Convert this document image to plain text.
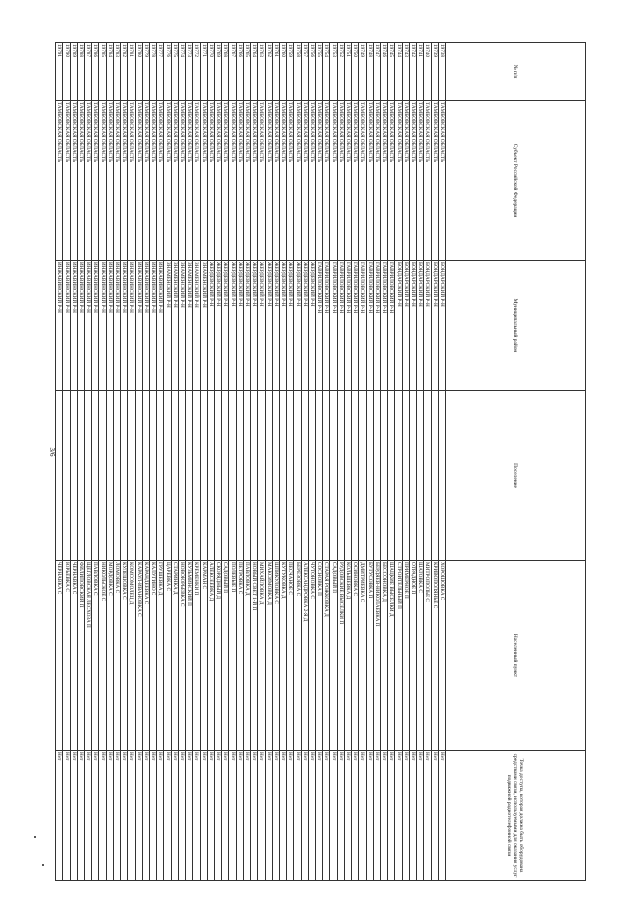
3/6
№ п/п	Субъект Российской Федерации	Муниципальный район	Поселение	Населенный пункт	Точка доступа, которая должна быть оборудована средствами связи, используемыми для оказания услуг подвижной радиотелефонной связи
19738	ТАМБОВСКАЯ ОБЛАСТЬ	БОНДАРСКИЙ Р-Н		ХОРОШОВКА С	Нет
19739	ТАМБОВСКАЯ ОБЛАСТЬ	БОНДАРСКИЙ Р-Н		КРИВОПОЛЯНЬЕ С	Нет
19740	ТАМБОВСКАЯ ОБЛАСТЬ	БОНДАРСКИЙ Р-Н		МИТРОПОЛЬЕ С	Нет
19741	ТАМБОВСКАЯ ОБЛАСТЬ	БОНДАРСКИЙ Р-Н		ШАТОВКА С	Нет
19742	ТАМБОВСКАЯ ОБЛАСТЬ	БОНДАРСКИЙ Р-Н		ОТРАДНОЕ П	Нет
19743	ТАМБОВСКАЯ ОБЛАСТЬ	БОНДАРСКИЙ Р-Н		ПРИМЕРНОЕ П	Нет
19744	ТАМБОВСКАЯ ОБЛАСТЬ	БОНДАРСКИЙ Р-Н		СТРОИТЕЛЬНЫЙ П	Нет
19745	ТАМБОВСКАЯ ОБЛАСТЬ	ГАВРИЛОВСКИЙ Р-Н		ШАЦКИЕ ВЫСЕЛКИ Д	Нет
19746	ТАМБОВСКАЯ ОБЛАСТЬ	ГАВРИЛОВСКИЙ Р-Н		БЕССОНОВКА Д	Нет
19747	ТАМБОВСКАЯ ОБЛАСТЬ	ГАВРИЛОВСКИЙ Р-Н		БЕРДЯЕВ-НИКОЛАЕВКА П	Нет
19748	ТАМБОВСКАЯ ОБЛАСТЬ	ГАВРИЛОВСКИЙ Р-Н		БУТУСОВКА П	Нет
19749	ТАМБОВСКАЯ ОБЛАСТЬ	ГАВРИЛОВСКИЙ Р-Н		ДМИТРИЕВКА С	Нет
19750	ТАМБОВСКАЯ ОБЛАСТЬ	ГАВРИЛОВСКИЙ Р-Н		ОСИНОВКА С	Нет
19751	ТАМБОВСКАЯ ОБЛАСТЬ	ГАВРИЛОВСКИЙ Р-Н		КОЛЬШЕВКА Д	Нет
19752	ТАМБОВСКАЯ ОБЛАСТЬ	ГАВРИЛОВСКИЙ Р-Н		РУДОВСКИЕ ВЫСЕЛКИ П	Нет
19753	ТАМБОВСКАЯ ОБЛАСТЬ	ГАВРИЛОВСКИЙ Р-Н		САДОВЫЙ П	Нет
19754	ТАМБОВСКАЯ ОБЛАСТЬ	ГАВРИЛОВСКИЙ Р-Н		СТАРАЯ РОЖКОВКА Д	Нет
19755	ТАМБОВСКАЯ ОБЛАСТЬ	ГАВРИЛОВСКИЙ Р-Н		СОСНОВКА П	Нет
19756	ТАМБОВСКАЯ ОБЛАСТЬ	ЖЕРДЕВСКИЙ Р-Н		ЧУТОНОВКА С	Нет
19757	ТАМБОВСКАЯ ОБЛАСТЬ	ЖЕРДЕВСКИЙ Р-Н		АЛЕКСАНДРОВКА 2-Я Д	Нет
19758	ТАМБОВСКАЯ ОБЛАСТЬ	ЖЕРДЕВСКИЙ Р-Н		БЕРЕЗОВКА С	Нет
19759	ТАМБОВСКАЯ ОБЛАСТЬ	ЖЕРДЕВСКИЙ Р-Н		ПЕСЧАНОЕ С	Нет
19760	ТАМБОВСКАЯ ОБЛАСТЬ	ЖЕРДЕВСКИЙ Р-Н		КУТУКОВКА Д	Нет
19761	ТАМБОВСКАЯ ОБЛАСТЬ	ЖЕРДЕВСКИЙ Р-Н		ШПИКУЛОВКА С	Нет
19762	ТАМБОВСКАЯ ОБЛАСТЬ	ЖЕРДЕВСКИЙ Р-Н		МАКСИМОВКА Д	Нет
19763	ТАМБОВСКАЯ ОБЛАСТЬ	ЖЕРДЕВСКИЙ Р-Н		МИХАЙЛОВКА Д	Нет
19764	ТАМБОВСКАЯ ОБЛАСТЬ	ЖЕРДЕВСКИЙ Р-Н		НОВЫЙ СВЕТ 1-Й П	Нет
19765	ТАМБОВСКАЯ ОБЛАСТЬ	ЖЕРДЕВСКИЙ Р-Н		ПАВЛОВКА Д	Нет
19766	ТАМБОВСКАЯ ОБЛАСТЬ	ЖЕРДЕВСКИЙ Р-Н		ПЕТРОВКА С	Нет
19767	ТАМБОВСКАЯ ОБЛАСТЬ	ЖЕРДЕВСКИЙ Р-Н		ПОЛЕВЫЕ П	Нет
19768	ТАМБОВСКАЯ ОБЛАСТЬ	ЖЕРДЕВСКИЙ Р-Н		САДОВЫЙ П	Нет
19769	ТАМБОВСКАЯ ОБЛАСТЬ	ЖЕРДЕВСКИЙ Р-Н		СКОРЯДНЫЙ Д	Нет
19770	ТАМБОВСКАЯ ОБЛАСТЬ	ЖЕРДЕВСКИЙ Р-Н		АЛЕКСЕЕВКА Д	Нет
19771	ТАМБОВСКАЯ ОБЛАСТЬ	ЗНАМЕНСКИЙ Р-Н		КАРМАН С	Нет
19772	ТАМБОВСКАЯ ОБЛАСТЬ	ЗНАМЕНСКИЙ Р-Н		КРЕМЕНКИ П	Нет
19773	ТАМБОВСКАЯ ОБЛАСТЬ	ЗНАМЕНСКИЙ Р-Н		КУЗЬМИНСКИЙ П	Нет
19774	ТАМБОВСКАЯ ОБЛАСТЬ	ЗНАМЕНСКИЙ Р-Н		НОВОЮРЬЕВКА С	Нет
19775	ТАМБОВСКАЯ ОБЛАСТЬ	ЗНАМЕНСКИЙ Р-Н		СТАРИНКА Д	Нет
19776	ТАМБОВСКАЯ ОБЛАСТЬ	ЗНАМЕНСКИЙ Р-Н		ЦАРЕВКА С	Нет
19777	ТАМБОВСКАЯ ОБЛАСТЬ	ИНЖАВИНСКИЙ Р-Н		ГРУШЕВКА Д	Нет
19778	ТАМБОВСКАЯ ОБЛАСТЬ	ИНЖАВИНСКИЙ Р-Н		КАЛУГИНО С	Нет
19779	ТАМБОВСКАЯ ОБЛАСТЬ	ИНЖАВИНСКИЙ Р-Н		КАРАНДЕЕВКА С	Нет
19780	ТАМБОВСКАЯ ОБЛАСТЬ	ИНЖАВИНСКИЙ Р-Н		КАРАУЛ-ИВАНОВКА С	Нет
19781	ТАМБОВСКАЯ ОБЛАСТЬ	ИНЖАВИНСКИЙ Р-Н		КОМСОМОЛЕЦ Д	Нет
19782	ТАМБОВСКАЯ ОБЛАСТЬ	ИНЖАВИНСКИЙ Р-Н		КУЛЕШОВКА С	Нет
19783	ТАМБОВСКАЯ ОБЛАСТЬ	ИНЖАВИНСКИЙ Р-Н		ЛОМОВКА С	Нет
19784	ТАМБОВСКАЯ ОБЛАСТЬ	ИНЖАВИНСКИЙ Р-Н		МОРДОВКА С	Нет
19785	ТАМБОВСКАЯ ОБЛАСТЬ	ИНЖАВИНСКИЙ Р-Н		НИКОЛЬСКОЕ С	Нет
19786	ТАМБОВСКАЯ ОБЛАСТЬ	ИНЖАВИНСКИЙ Р-Н		ПАВЛОВКА С	Нет
19787	ТАМБОВСКАЯ ОБЛАСТЬ	ИНЖАВИНСКИЙ Р-Н		ЩЕГЛОВСКАЯ ЛЕСХОЗА П	Нет
19788	ТАМБОВСКАЯ ОБЛАСТЬ	ИНЖАВИНСКИЙ Р-Н		ФИЛИПОВСКИЙ П	Нет
19789	ТАМБОВСКАЯ ОБЛАСТЬ	ИНЖАВИНСКИЙ Р-Н		ЧЕРНАВКА С	Нет
19790	ТАМБОВСКАЯ ОБЛАСТЬ	ИНЖАВИНСКИЙ Р-Н		ЮРЬЕВКА С	Нет
19791	ТАМБОВСКАЯ ОБЛАСТЬ	ИНЖАВИНСКИЙ Р-Н		ЧЕРНАВКА С	Нет
